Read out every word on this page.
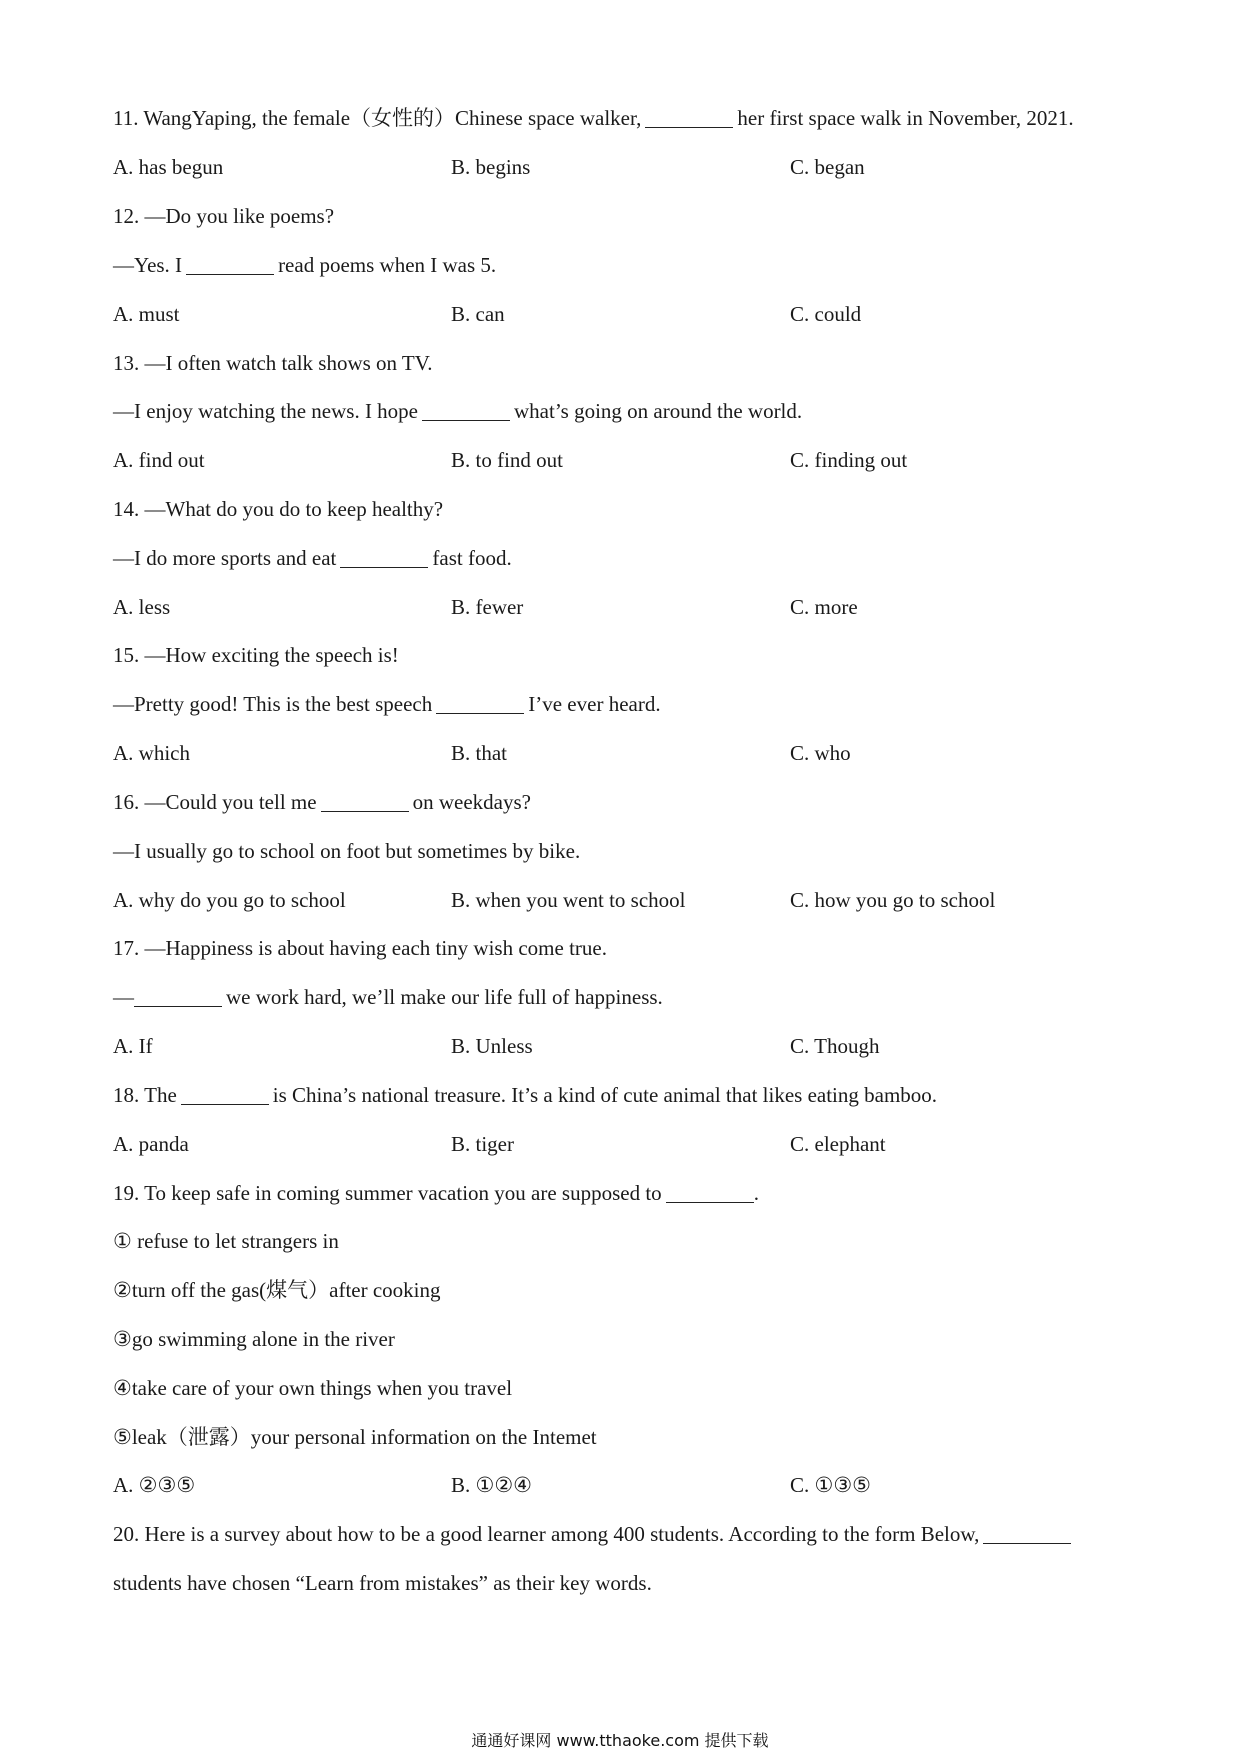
11. WangYaping, the female（女性的）Chinese space walker,	her first space walk in November, 2021.
A. has begun	B. begins	C. began
12. —Do you like poems?
—Yes. I	read poems when I was 5.
A. must	B. can	C. could
13. —I often watch talk shows on TV.
—I enjoy watching the news. I hope	what’s going on around the world.
A. find out	B. to find out	C. finding out
14. —What do you do to keep healthy?
—I do more sports and eat	fast food.
A. less	B. fewer	C. more
15. —How exciting the speech is!
—Pretty good! This is the best speech	I’ve ever heard.
A. which	B. that	C. who
16. —Could you tell me	on weekdays?
—I usually go to school on foot but sometimes by bike.
A. why do you go to school	B. when you went to school	C. how you go to school
17. —Happiness is about having each tiny wish come true.
—	we work hard, we’ll make our life full of happiness.
A. If	B. Unless	C. Though
18. The	is China’s national treasure. It’s a kind of cute animal that likes eating bamboo.
A. panda	B. tiger	C. elephant
19. To keep safe in coming summer vacation you are supposed to	.
① refuse to let strangers in
②turn off the gas(煤气）after cooking
③go swimming alone in the river
④take care of your own things when you travel
⑤leak（泄露）your personal information on the Intemet
A. ②③⑤	B. ①②④	C. ①③⑤
20. Here is a survey about how to be a good learner among 400 students. According to the form Below,
students have chosen “Learn from mistakes” as their key words.
通通好课网 www.tthaoke.com 提供下载
